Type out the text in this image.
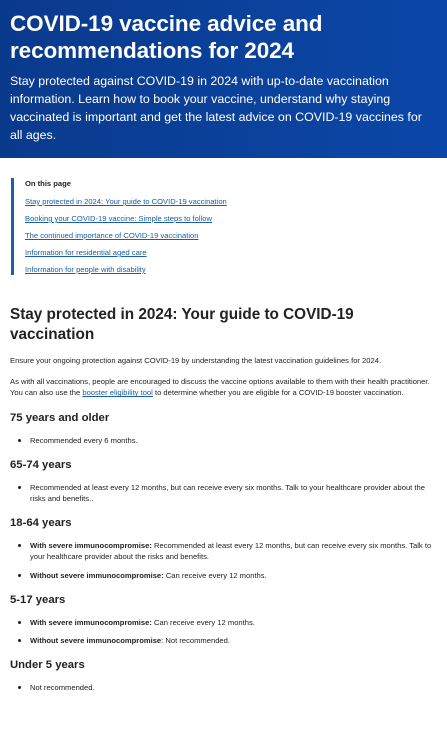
COVID-19 vaccine advice and recommendations for 2024

Stay protected against COVID-19 in 2024 with up-to-date vaccination information. Learn how to book your vaccine, understand why staying vaccinated is important and get the latest advice on COVID-19 vaccines for all ages.

On this page
Stay protected in 2024: Your guide to COVID-19 vaccination
Booking your COVID-19 vaccine: Simple steps to follow
The continued importance of COVID-19 vaccination
Information for residential aged care
Information for people with disability
Stay protected in 2024: Your guide to COVID-19 vaccination

Ensure your ongoing protection against COVID-19 by understanding the latest vaccination guidelines for 2024.

As with all vaccinations, people are encouraged to discuss the vaccine options available to them with their health practitioner. You can also use the booster eligibility tool to determine whether you are eligible for a COVID-19 booster vaccination.

75 years and older
Recommended every 6 months.
65-74 years
Recommended at least every 12 months, but can receive every six months. Talk to your healthcare provider about the risks and benefits..
18-64 years
With severe immunocompromise: Recommended at least every 12 months, but can receive every six months. Talk to your healthcare provider about the risks and benefits.
Without severe immunocompromise: Can receive every 12 months.
5-17 years
With severe immunocompromise: Can receive every 12 months.
Without severe immunocompromise: Not recommended.
Under 5 years
Not recommended.
